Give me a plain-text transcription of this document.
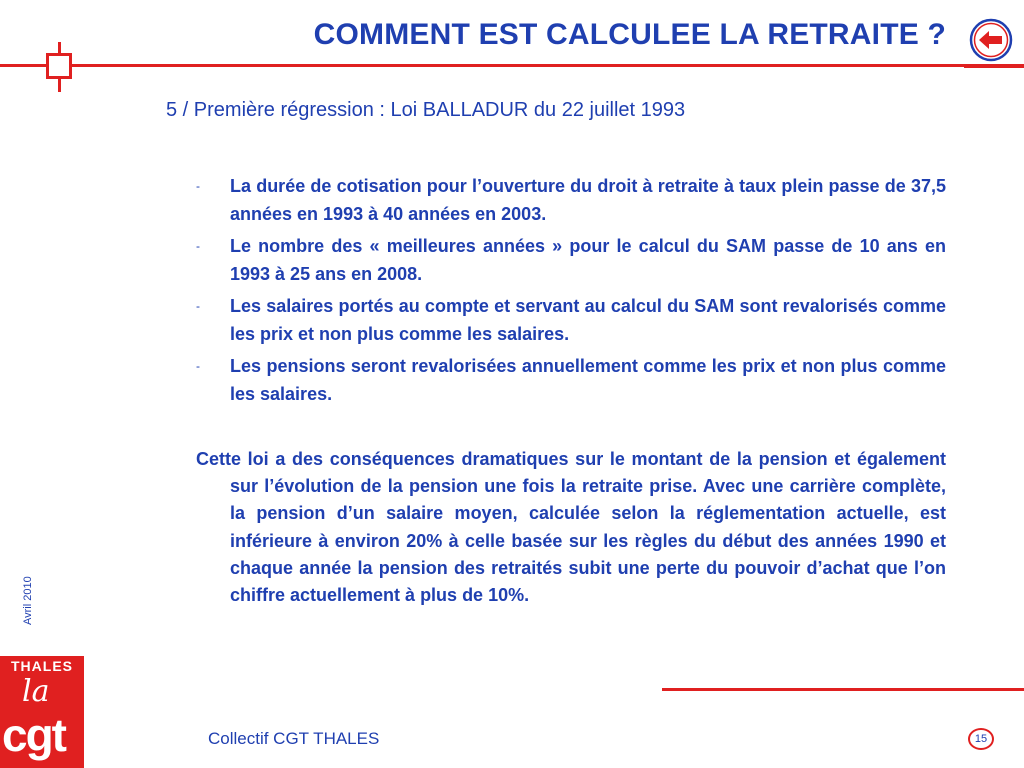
COMMENT EST CALCULEE LA RETRAITE ?
5 / Première régression : Loi BALLADUR du 22 juillet 1993
- La durée de cotisation pour l’ouverture du droit à retraite à taux plein passe de 37,5 années en 1993 à 40 années en 2003.
- Le nombre des « meilleures années » pour le calcul du SAM passe de 10 ans en 1993 à 25 ans en 2008.
- Les salaires portés au compte et servant au calcul du SAM sont revalorisés comme les prix et non plus comme les salaires.
- Les pensions seront revalorisées annuellement comme les prix et non plus comme les salaires.
Cette loi a des conséquences dramatiques sur le montant de la pension et également sur l’évolution de la pension une fois la retraite prise. Avec une carrière complète, la pension d’un salaire moyen, calculée selon la réglementation actuelle, est inférieure à environ 20% à celle basée sur les règles du début des années 1990 et chaque année la pension des retraités subit une perte du pouvoir d’achat que l’on chiffre actuellement à plus de 10%.
Avril 2010
THALES
la
cgt	Collectif CGT THALES	15
